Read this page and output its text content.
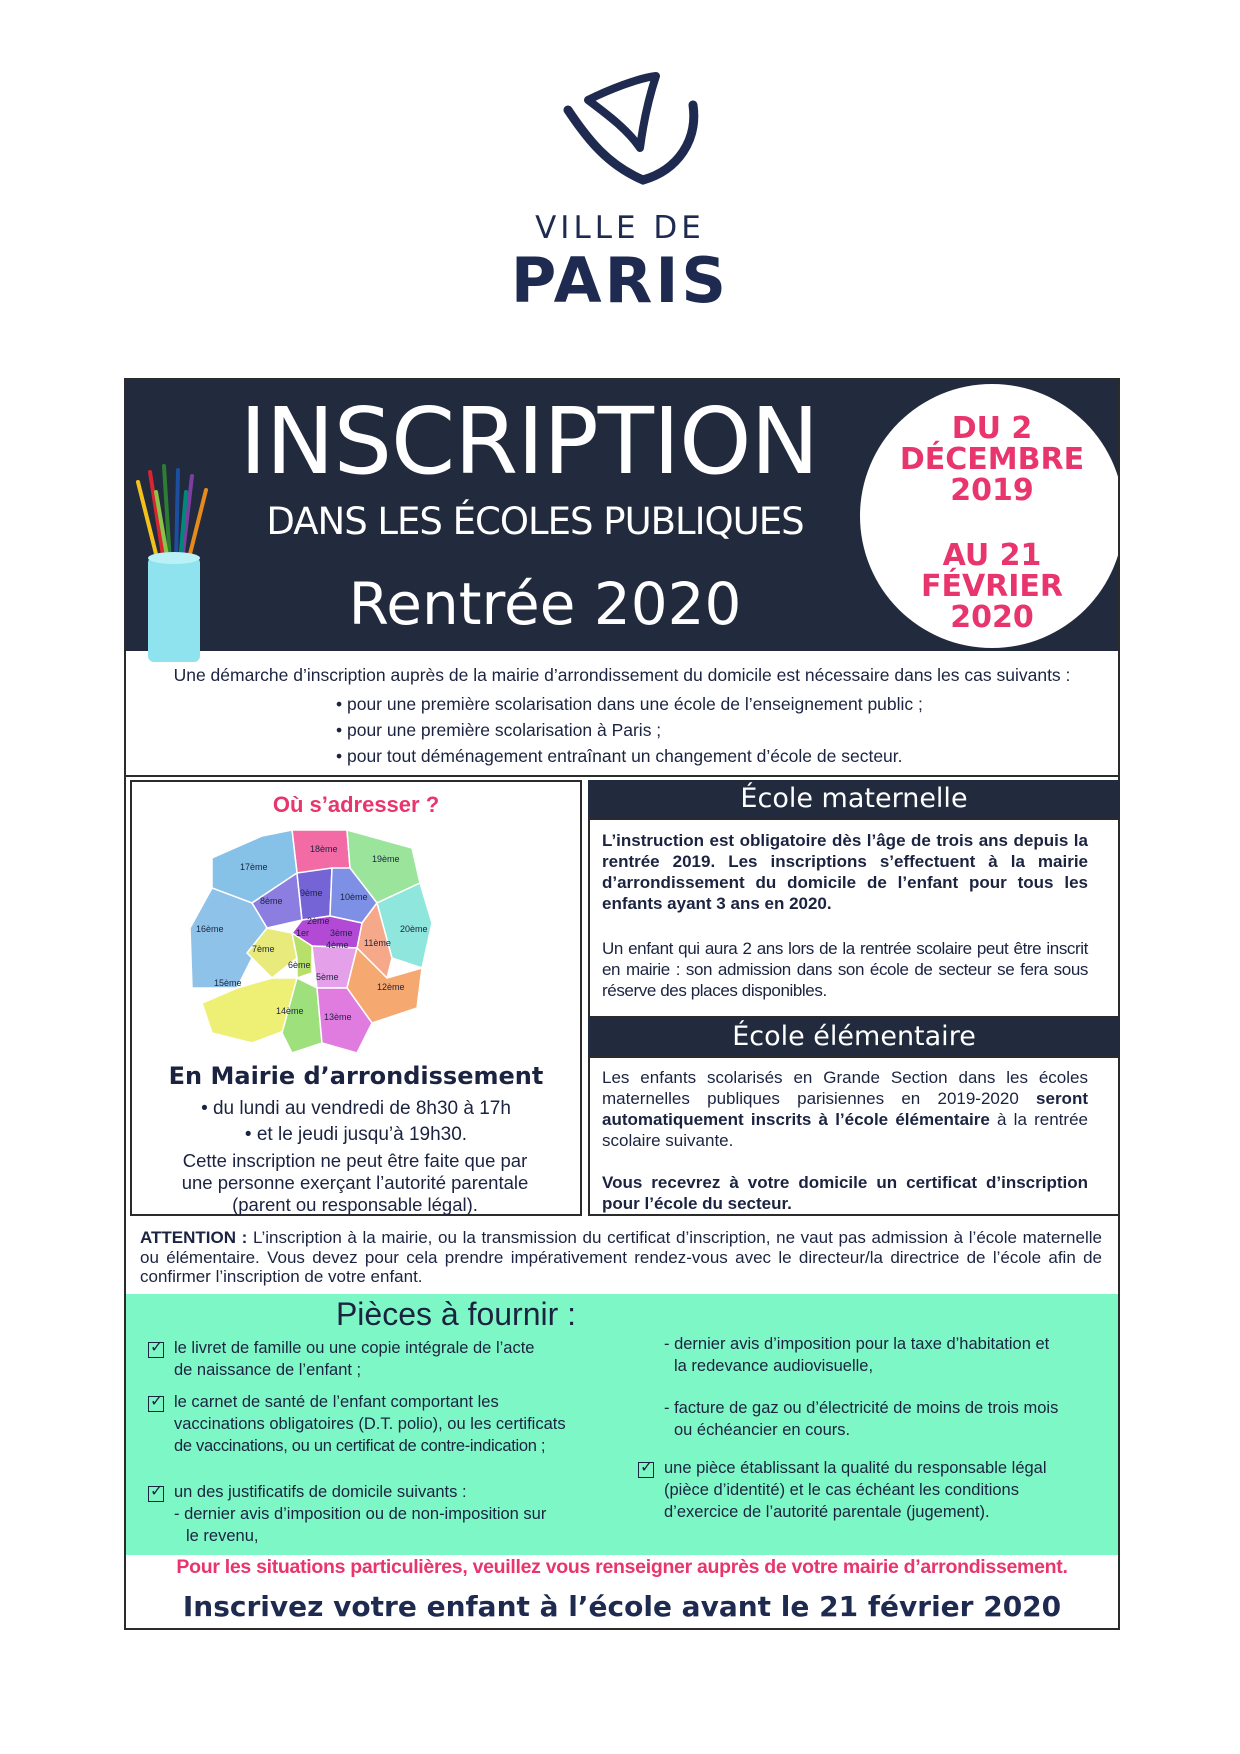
VILLE DE
PARIS
INSCRIPTION
DANS LES ÉCOLES PUBLIQUES
Rentrée 2020
DU 2
DÉCEMBRE
2019
AU 21
FÉVRIER
2020
Une démarche d’inscription auprès de la mairie d’arrondissement du domicile est nécessaire dans les cas suivants :
• pour une première scolarisation dans une école de l’enseignement public ;
• pour une première scolarisation à Paris ;
• pour tout déménagement entraînant un changement d’école de secteur.
Où s’adresser ?
18ème
19ème
17ème
9ème 10ème
8ème
2ème
1er 3ème
4ème
16ème
11ème
20ème
7ème
6ème
5ème
15ème
14ème
13ème
12ème
En Mairie d’arrondissement
• du lundi au vendredi de 8h30 à 17h
• et le jeudi jusqu’à 19h30.
Cette inscription ne peut être faite que par
une personne exerçant l’autorité parentale
(parent ou responsable légal).
École maternelle
L’instruction est obligatoire dès l’âge de trois ans depuis la rentrée 2019. Les inscriptions s’effectuent à la mairie d’arrondissement du domicile de l’enfant pour tous les enfants ayant 3 ans en 2020.
Un enfant qui aura 2 ans lors de la rentrée scolaire peut être inscrit en mairie : son admission dans son école de secteur se fera sous réserve des places disponibles.
École élémentaire
Les enfants scolarisés en Grande Section dans les écoles maternelles publiques parisiennes en 2019-2020 seront automatiquement inscrits à l’école élémentaire à la rentrée scolaire suivante.
Vous recevrez à votre domicile un certificat d’inscription pour l’école du secteur.
ATTENTION : L’inscription à la mairie, ou la transmission du certificat d’inscription, ne vaut pas admission à l’école maternelle ou élémentaire. Vous devez pour cela prendre impérativement rendez-vous avec le directeur/la directrice de l’école afin de confirmer l’inscription de votre enfant.
Pièces à fournir :
✓
le livret de famille ou une copie intégrale de l’acte
de naissance de l’enfant ;
✓
le carnet de santé de l’enfant comportant les
vaccinations obligatoires (D.T. polio), ou les certificats
de vaccinations, ou un certificat de contre-indication ;
✓
un des justificatifs de domicile suivants :
- dernier avis d’imposition ou de non-imposition sur
le revenu,
- dernier avis d’imposition pour la taxe d’habitation et
la redevance audiovisuelle,
- facture de gaz ou d’électricité de moins de trois mois
ou échéancier en cours.
✓
une pièce établissant la qualité du responsable légal
(pièce d’identité) et le cas échéant les conditions
d’exercice de l’autorité parentale (jugement).
Pour les situations particulières, veuillez vous renseigner auprès de votre mairie d’arrondissement.
Inscrivez votre enfant à l’école avant le 21 février 2020
